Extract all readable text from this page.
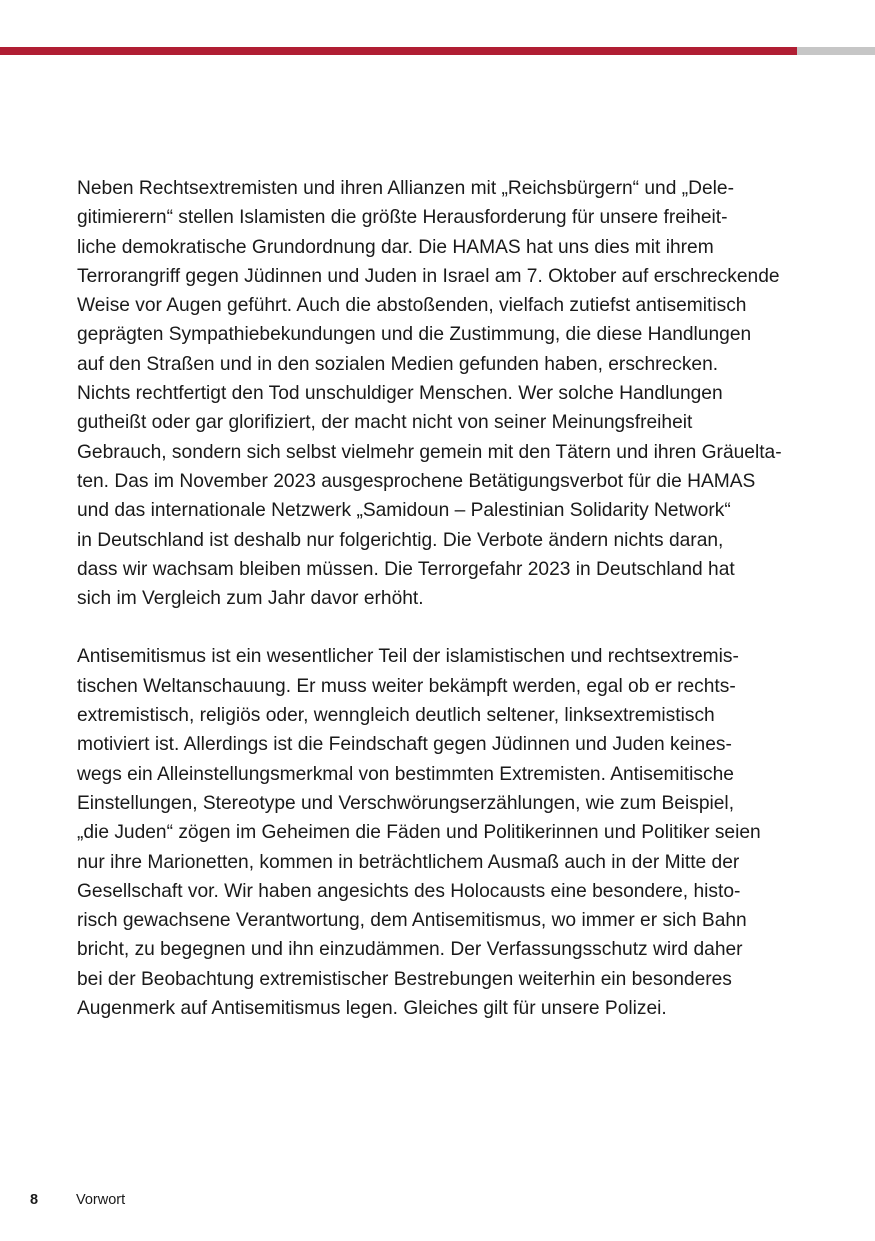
Neben Rechtsextremisten und ihren Allianzen mit „Reichsbürgern“ und „Dele-
gitimierern“ stellen Islamisten die größte Herausforderung für unsere freiheit-
liche demokratische Grundordnung dar. Die HAMAS hat uns dies mit ihrem
Terrorangriff gegen Jüdinnen und Juden in Israel am 7. Oktober auf erschreckende
Weise vor Augen geführt. Auch die abstoßenden, vielfach zutiefst antisemitisch
geprägten Sympathiebekundungen und die Zustimmung, die diese Handlungen
auf den Straßen und in den sozialen Medien gefunden haben, erschrecken.
Nichts rechtfertigt den Tod unschuldiger Menschen. Wer solche Handlungen
gutheißt oder gar glorifiziert, der macht nicht von seiner Meinungsfreiheit
Gebrauch, sondern sich selbst vielmehr gemein mit den Tätern und ihren Gräuelta-
ten. Das im November 2023 ausgesprochene Betätigungsverbot für die HAMAS
und das internationale Netzwerk „Samidoun – Palestinian Solidarity Network“
in Deutschland ist deshalb nur folgerichtig. Die Verbote ändern nichts daran,
dass wir wachsam bleiben müssen. Die Terrorgefahr 2023 in Deutschland hat
sich im Vergleich zum Jahr davor erhöht.

Antisemitismus ist ein wesentlicher Teil der islamistischen und rechtsextremis-
tischen Weltanschauung. Er muss weiter bekämpft werden, egal ob er rechts-
extremistisch, religiös oder, wenngleich deutlich seltener, linksextremistisch
motiviert ist. Allerdings ist die Feindschaft gegen Jüdinnen und Juden keines-
wegs ein Alleinstellungsmerkmal von bestimmten Extremisten. Antisemitische
Einstellungen, Stereotype und Verschwörungserzählungen, wie zum Beispiel,
„die Juden“ zögen im Geheimen die Fäden und Politikerinnen und Politiker seien
nur ihre Marionetten, kommen in beträchtlichem Ausmaß auch in der Mitte der
Gesellschaft vor. Wir haben angesichts des Holocausts eine besondere, histo-
risch gewachsene Verantwortung, dem Antisemitismus, wo immer er sich Bahn
bricht, zu begegnen und ihn einzudämmen. Der Verfassungsschutz wird daher
bei der Beobachtung extremistischer Bestrebungen weiterhin ein besonderes
Augenmerk auf Antisemitismus legen. Gleiches gilt für unsere Polizei.

8	Vorwort
